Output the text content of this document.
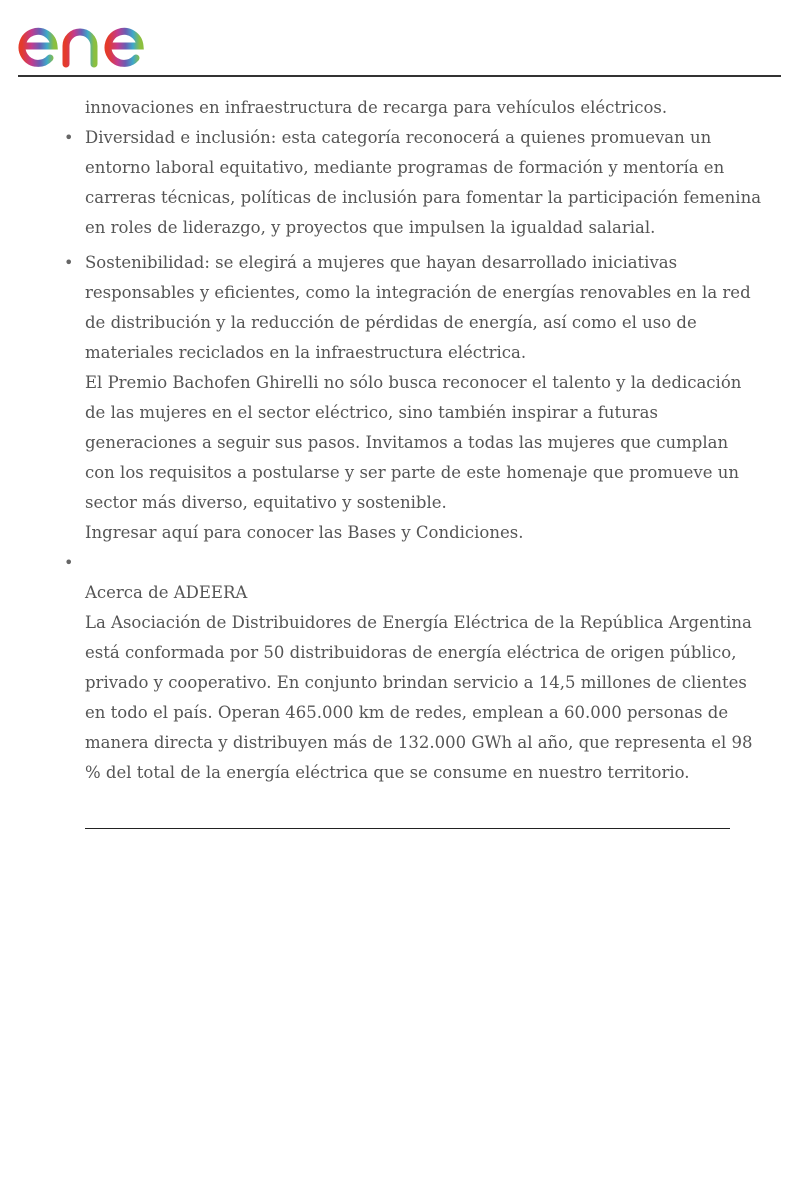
innovaciones en infraestructura de recarga para vehículos eléctricos.
• Diversidad e inclusión: esta categoría reconocerá a quienes promuevan un
entorno laboral equitativo, mediante programas de formación y mentoría en
carreras técnicas, políticas de inclusión para fomentar la participación femenina
en roles de liderazgo, y proyectos que impulsen la igualdad salarial.
• Sostenibilidad: se elegirá a mujeres que hayan desarrollado iniciativas
responsables y eficientes, como la integración de energías renovables en la red
de distribución y la reducción de pérdidas de energía, así como el uso de
materiales reciclados en la infraestructura eléctrica.
El Premio Bachofen Ghirelli no sólo busca reconocer el talento y la dedicación
de las mujeres en el sector eléctrico, sino también inspirar a futuras
generaciones a seguir sus pasos. Invitamos a todas las mujeres que cumplan
con los requisitos a postularse y ser parte de este homenaje que promueve un
sector más diverso, equitativo y sostenible.
Ingresar aquí para conocer las Bases y Condiciones.
•
Acerca de ADEERA
La Asociación de Distribuidores de Energía Eléctrica de la República Argentina
está conformada por 50 distribuidoras de energía eléctrica de origen público,
privado y cooperativo. En conjunto brindan servicio a 14,5 millones de clientes
en todo el país. Operan 465.000 km de redes, emplean a 60.000 personas de
manera directa y distribuyen más de 132.000 GWh al año, que representa el 98
% del total de la energía eléctrica que se consume en nuestro territorio.
